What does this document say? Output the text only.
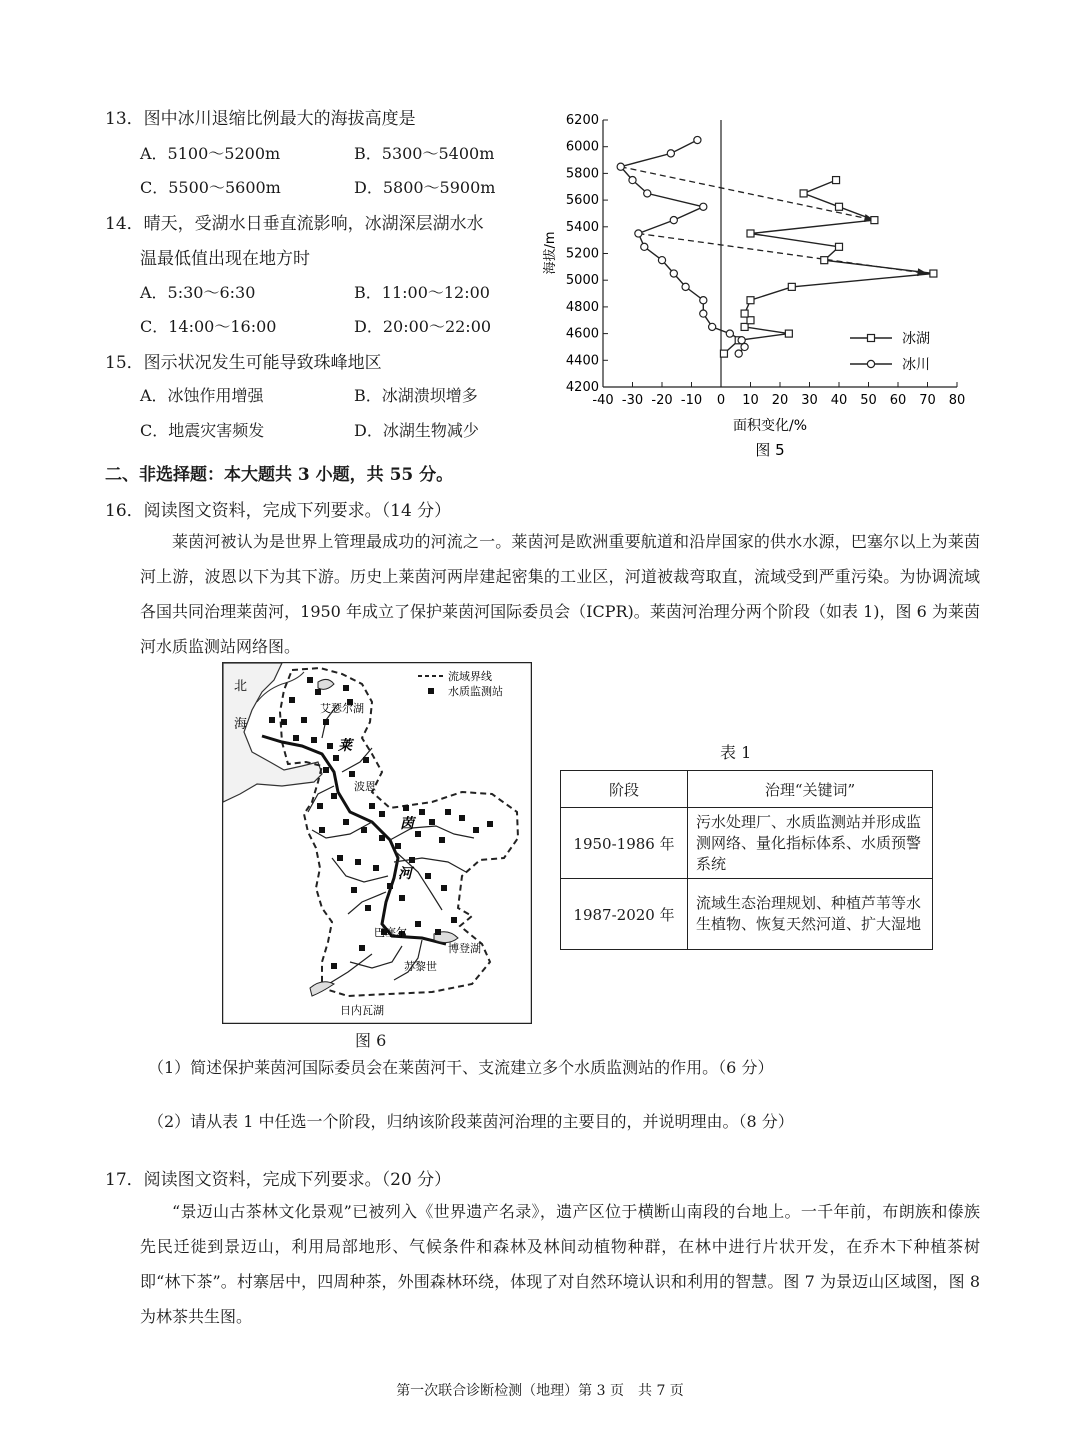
13．图中冰川退缩比例最大的海拔高度是
A．5100～5200m	B．5300～5400m
C．5500～5600m	D．5800～5900m
14．晴天，受湖水日垂直流影响，冰湖深层湖水水
温最低值出现在地方时
A．5:30～6:30	B．11:00～12:00
C．14:00～16:00	D．20:00～22:00
15．图示状况发生可能导致珠峰地区
A．冰蚀作用增强	B．冰湖溃坝增多
C．地震灾害频发	D．冰湖生物减少
4200
4400
4600
4800
5000
5200
5400
5600
5800
6000
6200
-40 -30 -20 -10 0 10 20 30 40 50 60 70 80
冰湖
冰川
海拔/m
面积变化/%
图 5
二、非选择题：本大题共 3 小题，共 55 分。
16．阅读图文资料，完成下列要求。（14 分）
莱茵河被认为是世界上管理最成功的河流之一。莱茵河是欧洲重要航道和沿岸国家的供水水源，巴塞尔以上为莱茵河上游，波恩以下为其下游。历史上莱茵河两岸建起密集的工业区，河道被裁弯取直，流域受到严重污染。为协调流域各国共同治理莱茵河，1950 年成立了保护莱茵河国际委员会（ICPR)。莱茵河治理分两个阶段（如表 1)，图 6 为莱茵河水质监测站网络图。
流域界线
水质监测站
北
海
艾瑟尔湖
波恩
巴塞尔
博登湖
苏黎世
日内瓦湖
莱
茵
河
图 6
表 1
阶段	治理“关键词”
1950-1986 年	污水处理厂、水质监测站并形成监测网络、量化指标体系、水质预警系统
1987-2020 年	流域生态治理规划、种植芦苇等水生植物、恢复天然河道、扩大湿地
（1）简述保护莱茵河国际委员会在莱茵河干、支流建立多个水质监测站的作用。（6 分）
（2）请从表 1 中任选一个阶段，归纳该阶段莱茵河治理的主要目的，并说明理由。（8 分）
17．阅读图文资料，完成下列要求。（20 分）
“景迈山古茶林文化景观”已被列入《世界遗产名录》，遗产区位于横断山南段的台地上。一千年前，布朗族和傣族先民迁徙到景迈山，利用局部地形、气候条件和森林及林间动植物种群，在林中进行片状开发，在乔木下种植茶树即“林下茶”。村寨居中，四周种茶，外围森林环绕，体现了对自然环境认识和利用的智慧。图 7 为景迈山区域图，图 8 为林茶共生图。
第一次联合诊断检测（地理）第 3 页　共 7 页
